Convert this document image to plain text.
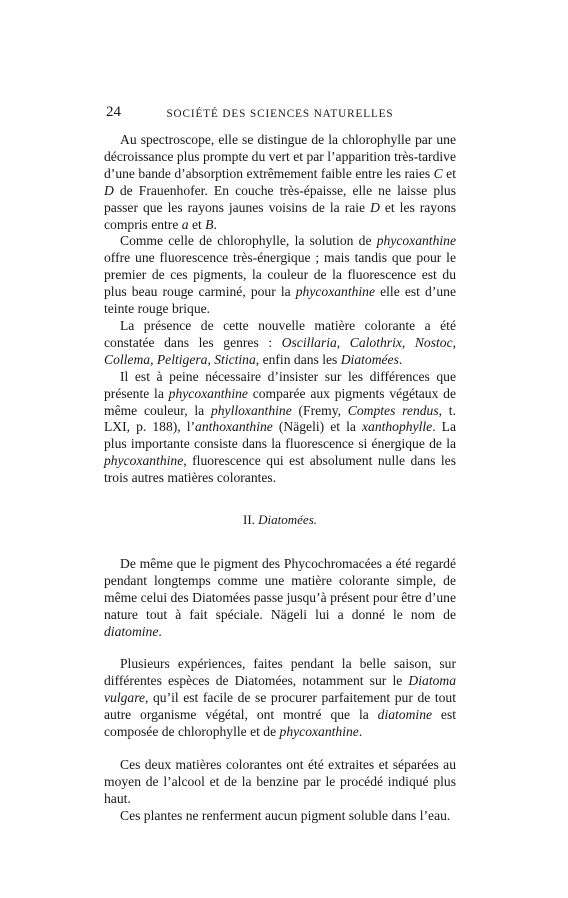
24	SOCIÉTÉ DES SCIENCES NATURELLES

Au spectroscope, elle se distingue de la chlorophylle par une décroissance plus prompte du vert et par l’apparition très-tardive d’une bande d’absorption extrêmement faible entre les raies C et D de Frauenhofer. En couche très-épaisse, elle ne laisse plus passer que les rayons jaunes voisins de la raie D et les rayons compris entre a et B.

Comme celle de chlorophylle, la solution de phycoxanthine offre une fluorescence très-énergique ; mais tandis que pour le premier de ces pigments, la couleur de la fluorescence est du plus beau rouge carminé, pour la phycoxanthine elle est d’une teinte rouge brique.

La présence de cette nouvelle matière colorante a été constatée dans les genres : Oscillaria, Calothrix, Nostoc, Collema, Peltigera, Stictina, enfin dans les Diatomées.

Il est à peine nécessaire d’insister sur les différences que présente la phycoxanthine comparée aux pigments végétaux de même couleur, la phylloxanthine (Fremy, Comptes rendus, t. LXI, p. 188), l’anthoxanthine (Nägeli) et la xanthophylle. La plus importante consiste dans la fluorescence si énergique de la phycoxanthine, fluorescence qui est absolument nulle dans les trois autres matières colorantes.

II. Diatomées.

De même que le pigment des Phycochromacées a été regardé pendant longtemps comme une matière colorante simple, de même celui des Diatomées passe jusqu’à présent pour être d’une nature tout à fait spéciale. Nägeli lui a donné le nom de diatomine.

Plusieurs expériences, faites pendant la belle saison, sur différentes espèces de Diatomées, notamment sur le Diatoma vulgare, qu’il est facile de se procurer parfaitement pur de tout autre organisme végétal, ont montré que la diatomine est composée de chlorophylle et de phycoxanthine.

Ces deux matières colorantes ont été extraites et séparées au moyen de l’alcool et de la benzine par le procédé indiqué plus haut.

Ces plantes ne renferment aucun pigment soluble dans l’eau.
